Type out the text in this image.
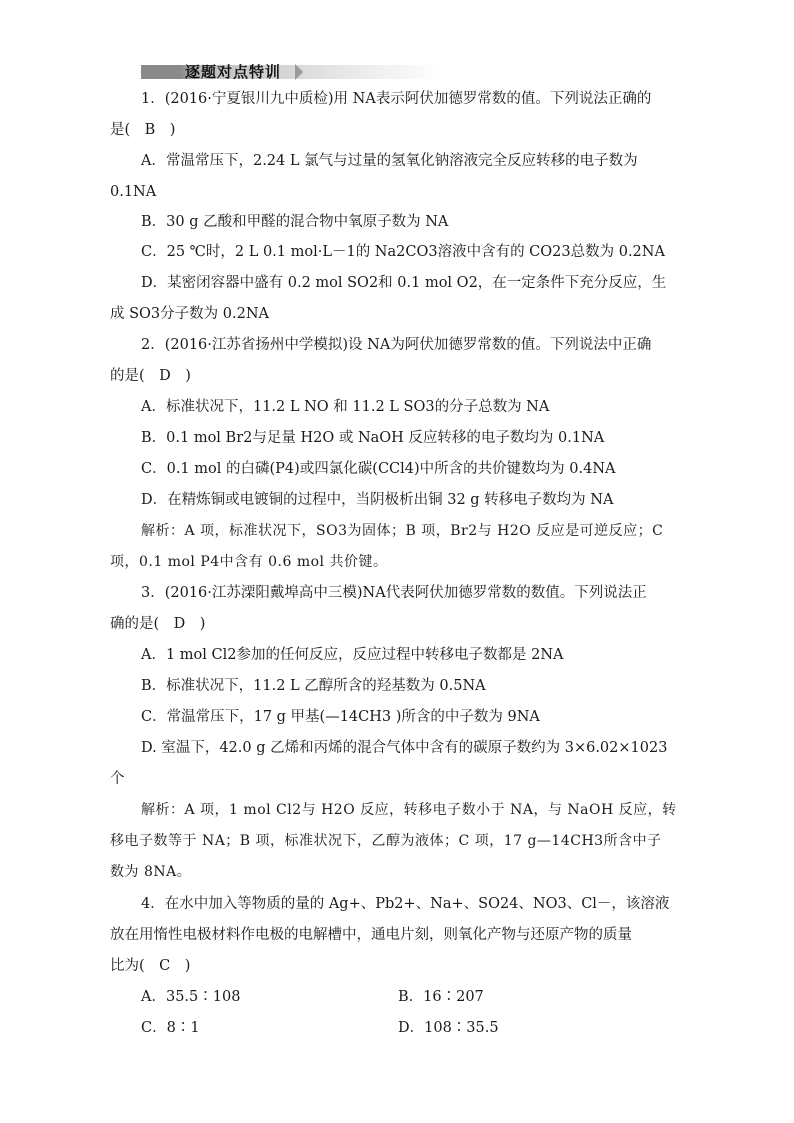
逐题对点特训
1．(2016·宁夏银川九中质检)用 NA表示阿伏加德罗常数的值。下列说法正确的
是(　B　)
A．常温常压下，2.24 L 氯气与过量的氢氧化钠溶液完全反应转移的电子数为
0.1NA
B．30 g 乙酸和甲醛的混合物中氧原子数为 NA
C．25 ℃时，2 L 0.1 mol·L－1的 Na2CO3溶液中含有的 CO23总数为 0.2NA
D．某密闭容器中盛有 0.2 mol SO2和 0.1 mol O2，在一定条件下充分反应，生
成 SO3分子数为 0.2NA
2．(2016·江苏省扬州中学模拟)设 NA为阿伏加德罗常数的值。下列说法中正确
的是(　D　)
A．标准状况下，11.2 L NO 和 11.2 L SO3的分子总数为 NA
B．0.1 mol Br2与足量 H2O 或 NaOH 反应转移的电子数均为 0.1NA
C．0.1 mol 的白磷(P4)或四氯化碳(CCl4)中所含的共价键数均为 0.4NA
D．在精炼铜或电镀铜的过程中，当阴极析出铜 32 g 转移电子数均为 NA
解析：A 项，标准状况下，SO3为固体；B 项，Br2与 H2O 反应是可逆反应；C
项，0.1 mol P4中含有 0.6 mol 共价键。
3．(2016·江苏溧阳戴埠高中三模)NA代表阿伏加德罗常数的数值。下列说法正
确的是(　D　)
A．1 mol Cl2参加的任何反应，反应过程中转移电子数都是 2NA
B．标准状况下，11.2 L 乙醇所含的羟基数为 0.5NA
C．常温常压下，17 g 甲基(—14CH3 )所含的中子数为 9NA
D. 室温下，42.0 g 乙烯和丙烯的混合气体中含有的碳原子数约为 3×6.02×1023
个
解析：A 项，1 mol Cl2与 H2O 反应，转移电子数小于 NA，与 NaOH 反应，转
移电子数等于 NA；B 项，标准状况下，乙醇为液体；C 项，17 g—14CH3所含中子
数为 8NA。
4．在水中加入等物质的量的 Ag+、Pb2+、Na+、SO24、NO3、Cl－，该溶液
放在用惰性电极材料作电极的电解槽中，通电片刻，则氧化产物与还原产物的质量
比为(　C　)
A．35.5∶108	B．16∶207
C．8∶1	D．108∶35.5
